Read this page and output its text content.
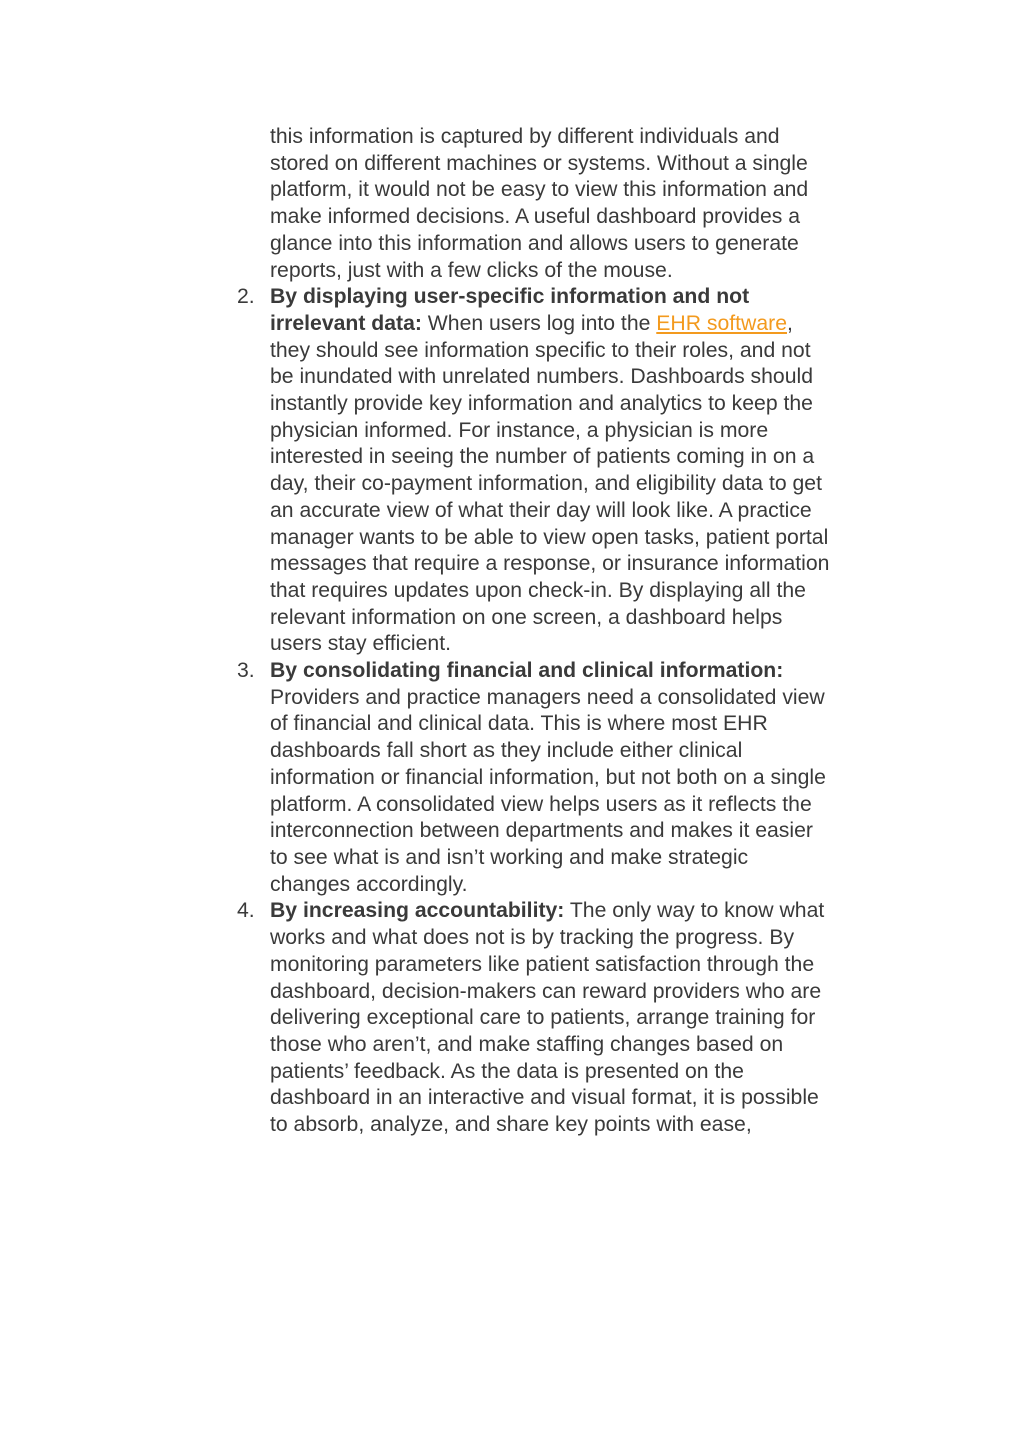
this information is captured by different individuals and stored on different machines or systems. Without a single platform, it would not be easy to view this information and make informed decisions. A useful dashboard provides a glance into this information and allows users to generate reports, just with a few clicks of the mouse.

2. By displaying user-specific information and not irrelevant data: When users log into the EHR software, they should see information specific to their roles, and not be inundated with unrelated numbers. Dashboards should instantly provide key information and analytics to keep the physician informed. For instance, a physician is more interested in seeing the number of patients coming in on a day, their co-payment information, and eligibility data to get an accurate view of what their day will look like. A practice manager wants to be able to view open tasks, patient portal messages that require a response, or insurance information that requires updates upon check-in. By displaying all the relevant information on one screen, a dashboard helps users stay efficient.
3. By consolidating financial and clinical information: Providers and practice managers need a consolidated view of financial and clinical data. This is where most EHR dashboards fall short as they include either clinical information or financial information, but not both on a single platform. A consolidated view helps users as it reflects the interconnection between departments and makes it easier to see what is and isn’t working and make strategic changes accordingly.
4. By increasing accountability: The only way to know what works and what does not is by tracking the progress. By monitoring parameters like patient satisfaction through the dashboard, decision-makers can reward providers who are delivering exceptional care to patients, arrange training for those who aren’t, and make staffing changes based on patients’ feedback. As the data is presented on the dashboard in an interactive and visual format, it is possible to absorb, analyze, and share key points with ease,
